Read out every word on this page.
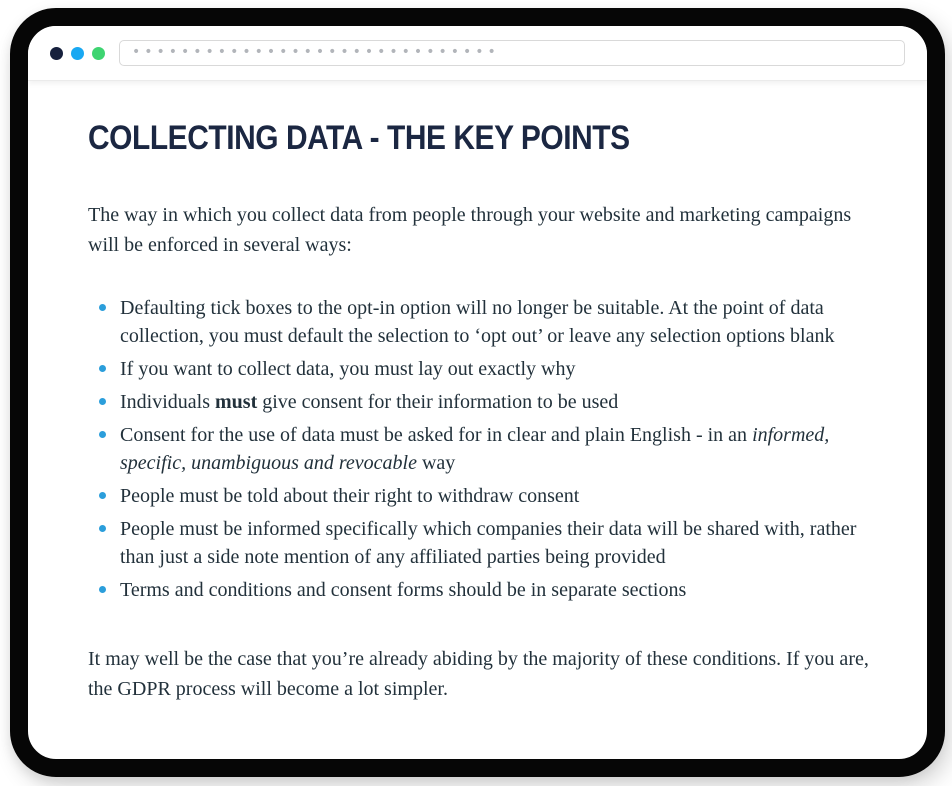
••••••••••••••••••••••••••••••
COLLECTING DATA - THE KEY POINTS

The way in which you collect data from people through your website and marketing campaigns will be enforced in several ways:

Defaulting tick boxes to the opt-in option will no longer be suitable. At the point of data collection, you must default the selection to ‘opt out’ or leave any selection options blank
If you want to collect data, you must lay out exactly why
Individuals must give consent for their information to be used
Consent for the use of data must be asked for in clear and plain English - in an informed, specific, unambiguous and revocable way
People must be told about their right to withdraw consent
People must be informed specifically which companies their data will be shared with, rather than just a side note mention of any affiliated parties being provided
Terms and conditions and consent forms should be in separate sections

It may well be the case that you’re already abiding by the majority of these conditions. If you are, the GDPR process will become a lot simpler.
